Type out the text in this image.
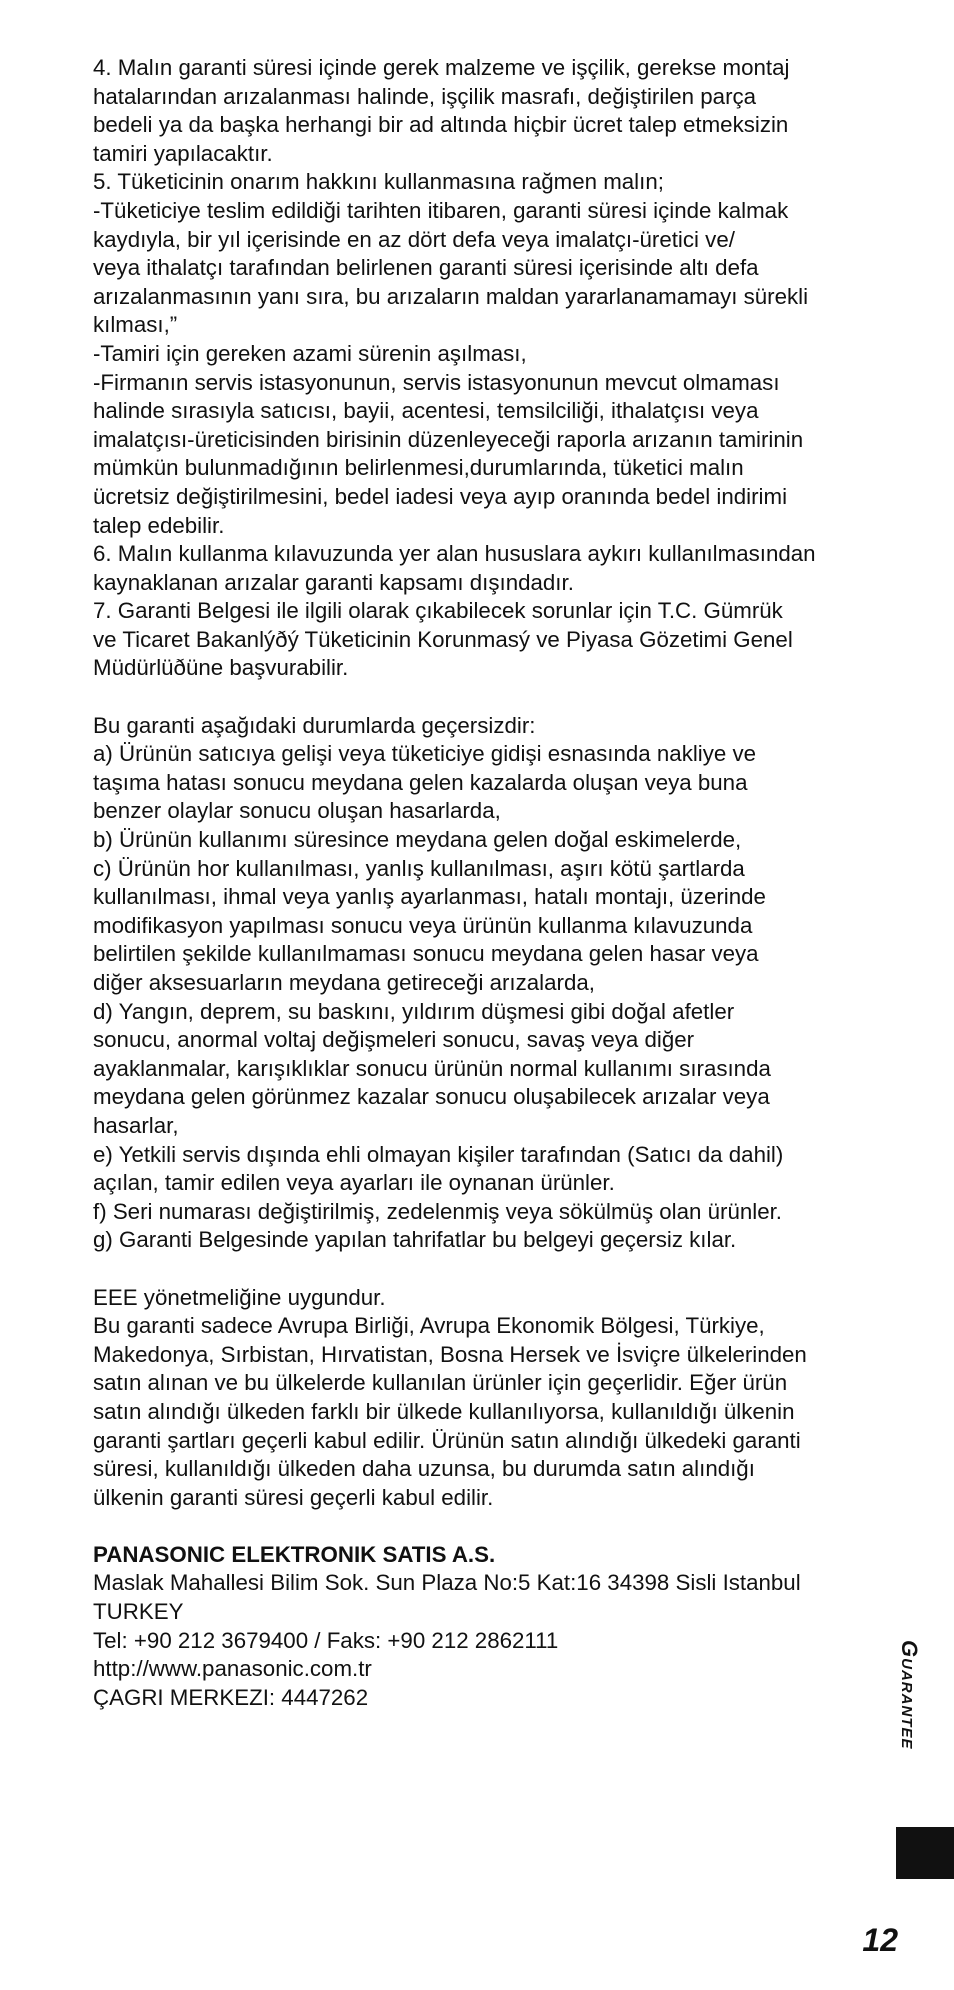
4. Malın garanti süresi içinde gerek malzeme ve işçilik, gerekse montaj
hatalarından arızalanması halinde, işçilik masrafı, değiştirilen parça
bedeli ya da başka herhangi bir ad altında hiçbir ücret talep etmeksizin
tamiri yapılacaktır.
5. Tüketicinin onarım hakkını kullanmasına rağmen malın;
-Tüketiciye teslim edildiği tarihten itibaren, garanti süresi içinde kalmak
kaydıyla, bir yıl içerisinde en az dört defa veya imalatçı-üretici ve/
veya ithalatçı tarafından belirlenen garanti süresi içerisinde altı defa
arızalanmasının yanı sıra, bu arızaların maldan yararlanamamayı sürekli
kılması,”
-Tamiri için gereken azami sürenin aşılması,
-Firmanın servis istasyonunun, servis istasyonunun mevcut olmaması
halinde sırasıyla satıcısı, bayii, acentesi, temsilciliği, ithalatçısı veya
imalatçısı-üreticisinden birisinin düzenleyeceği raporla arızanın tamirinin
mümkün bulunmadığının belirlenmesi,durumlarında, tüketici malın
ücretsiz değiştirilmesini, bedel iadesi veya ayıp oranında bedel indirimi
talep edebilir.
6. Malın kullanma kılavuzunda yer alan hususlara aykırı kullanılmasından
kaynaklanan arızalar garanti kapsamı dışındadır.
7. Garanti Belgesi ile ilgili olarak çıkabilecek sorunlar için T.C. Gümrük
ve Ticaret Bakanlýðý Tüketicinin Korunmasý ve Piyasa Gözetimi Genel
Müdürlüðüne başvurabilir.
Bu garanti aşağıdaki durumlarda geçersizdir:
a) Ürünün satıcıya gelişi veya tüketiciye gidişi esnasında nakliye ve
taşıma hatası sonucu meydana gelen kazalarda oluşan veya buna
benzer olaylar sonucu oluşan hasarlarda,
b) Ürünün kullanımı süresince meydana gelen doğal eskimelerde,
c) Ürünün hor kullanılması, yanlış kullanılması, aşırı kötü şartlarda
kullanılması, ihmal veya yanlış ayarlanması, hatalı montajı, üzerinde
modifikasyon yapılması sonucu veya ürünün kullanma kılavuzunda
belirtilen şekilde kullanılmaması sonucu meydana gelen hasar veya
diğer aksesuarların meydana getireceği arızalarda,
d) Yangın, deprem, su baskını, yıldırım düşmesi gibi doğal afetler
sonucu, anormal voltaj değişmeleri sonucu, savaş veya diğer
ayaklanmalar, karışıklıklar sonucu ürünün normal kullanımı sırasında
meydana gelen görünmez kazalar sonucu oluşabilecek arızalar veya
hasarlar,
e) Yetkili servis dışında ehli olmayan kişiler tarafından (Satıcı da dahil)
açılan, tamir edilen veya ayarları ile oynanan ürünler.
f) Seri numarası değiştirilmiş, zedelenmiş veya sökülmüş olan ürünler.
g) Garanti Belgesinde yapılan tahrifatlar bu belgeyi geçersiz kılar.
EEE yönetmeliğine uygundur.
Bu garanti sadece Avrupa Birliği, Avrupa Ekonomik Bölgesi, Türkiye,
Makedonya, Sırbistan, Hırvatistan, Bosna Hersek ve İsviçre ülkelerinden
satın alınan ve bu ülkelerde kullanılan ürünler için geçerlidir. Eğer ürün
satın alındığı ülkeden farklı bir ülkede kullanılıyorsa, kullanıldığı ülkenin
garanti şartları geçerli kabul edilir. Ürünün satın alındığı ülkedeki garanti
süresi, kullanıldığı ülkeden daha uzunsa, bu durumda satın alındığı
ülkenin garanti süresi geçerli kabul edilir.
PANASONIC ELEKTRONIK SATIS A.S.
Maslak Mahallesi Bilim Sok. Sun Plaza No:5 Kat:16 34398 Sisli Istanbul
TURKEY
Tel: +90 212 3679400 / Faks: +90 212 2862111
http://www.panasonic.com.tr
ÇAGRI MERKEZI: 4447262	Guarantee
12
